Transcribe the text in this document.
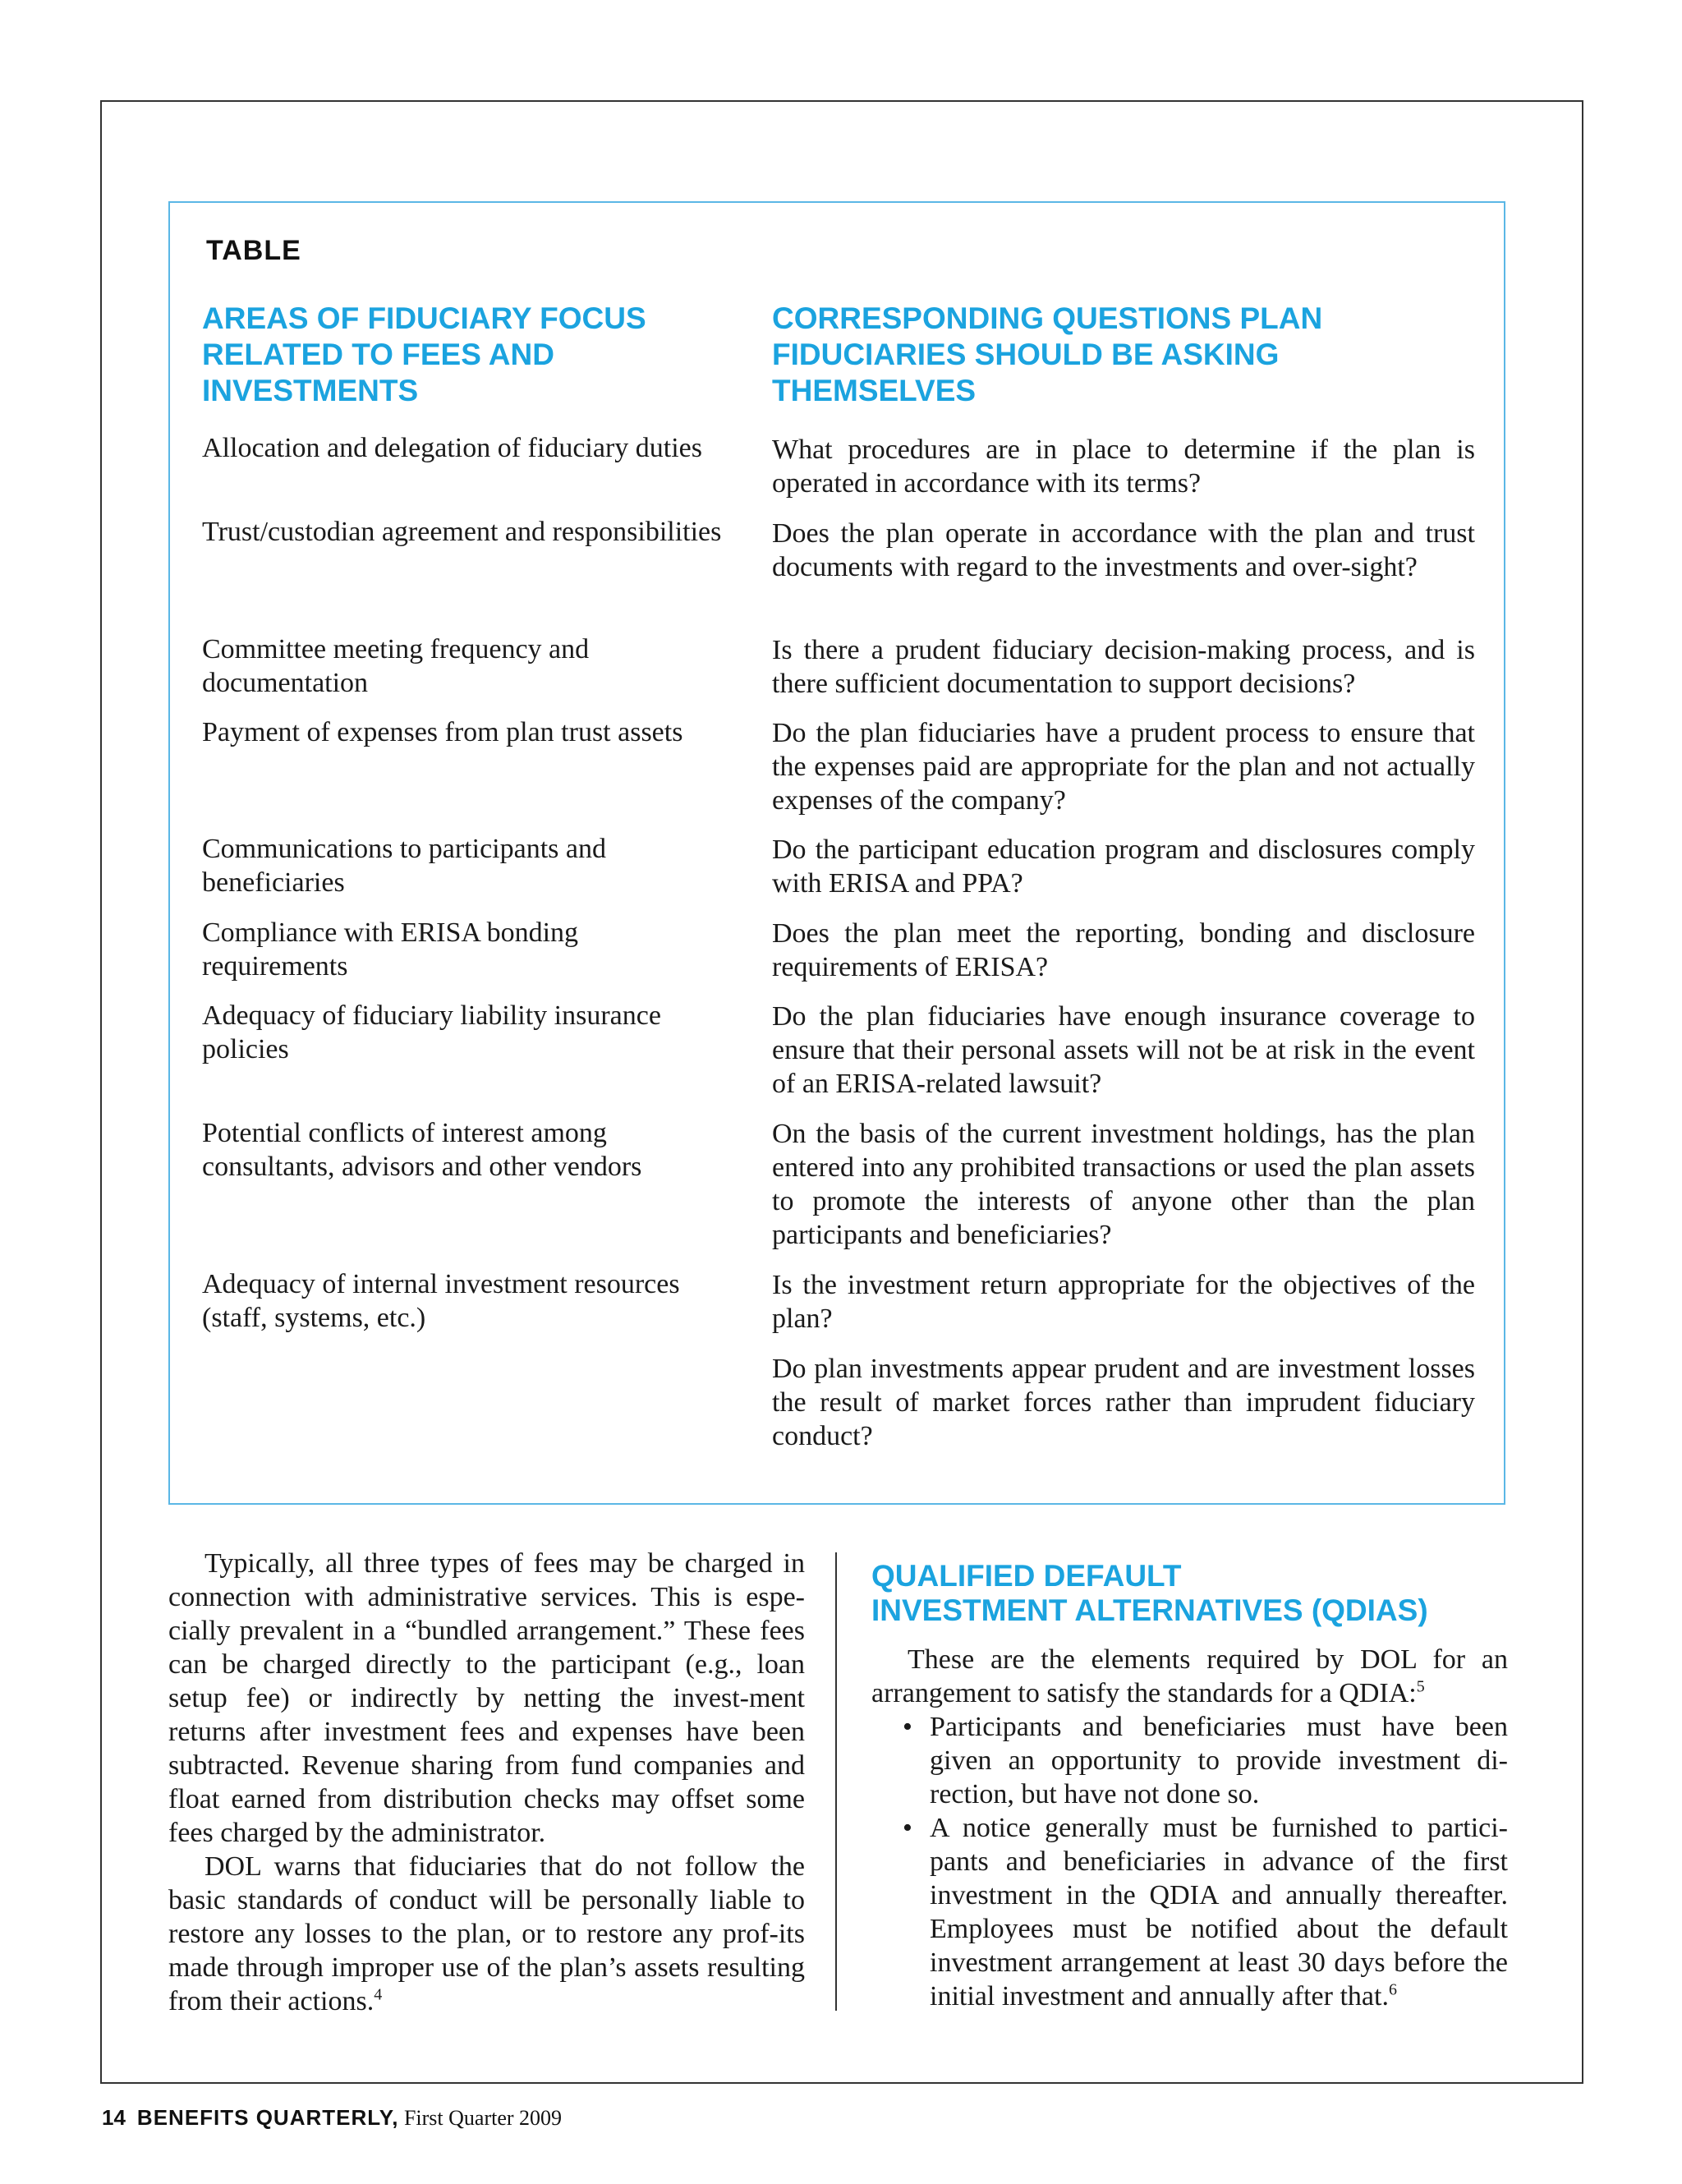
TABLE
AREAS OF FIDUCIARY FOCUS RELATED TO FEES AND INVESTMENTS
CORRESPONDING QUESTIONS PLAN FIDUCIARIES SHOULD BE ASKING THEMSELVES
Allocation and delegation of fiduciary duties	What procedures are in place to determine if the plan is operated in accordance with its terms?
Trust/custodian agreement and responsibilities Does the plan operate in accordance with the plan and trust documents with regard to the investments and over-sight?
Committee meeting frequency and documentation
Is there a prudent fiduciary decision-making process, and is there sufficient documentation to support decisions?
Payment of expenses from plan trust assets	Do the plan fiduciaries have a prudent process to ensure that the expenses paid are appropriate for the plan and not actually expenses of the company?
Communications to participants and beneficiaries
Do the participant education program and disclosures comply with ERISA and PPA?
Compliance with ERISA bonding requirements
Does the plan meet the reporting, bonding and disclosure requirements of ERISA?
Adequacy of fiduciary liability insurance policies
Do the plan fiduciaries have enough insurance coverage to ensure that their personal assets will not be at risk in the event of an ERISA-related lawsuit?
Potential conflicts of interest among consultants, advisors and other vendors
On the basis of the current investment holdings, has the plan entered into any prohibited transactions or used the plan assets to promote the interests of anyone other than the plan participants and beneficiaries?
Adequacy of internal investment resources (staff, systems, etc.)
Is the investment return appropriate for the objectives of the plan?
Do plan investments appear prudent and are investment losses the result of market forces rather than imprudent fiduciary conduct?

Typically, all three types of fees may be charged in connection with administrative services. This is espe-cially prevalent in a “bundled arrangement.” These fees can be charged directly to the participant (e.g., loan setup fee) or indirectly by netting the invest-ment returns after investment fees and expenses have been subtracted. Revenue sharing from fund companies and float earned from distribution checks may offset some fees charged by the administrator.

DOL warns that fiduciaries that do not follow the basic standards of conduct will be personally liable to restore any losses to the plan, or to restore any prof-its made through improper use of the plan’s assets resulting from their actions.$^4$

QUALIFIED DEFAULT
INVESTMENT ALTERNATIVES (QDIAS)

These are the elements required by DOL for an arrangement to satisfy the standards for a QDIA:$^5$

• Participants and beneficiaries must have been given an opportunity to provide investment di-rection, but have not done so.
• A notice generally must be furnished to partici-pants and beneficiaries in advance of the first investment in the QDIA and annually thereafter. Employees must be notified about the default investment arrangement at least 30 days before the initial investment and annually after that.$^6$
14 BENEFITS QUARTERLY, First Quarter 2009
